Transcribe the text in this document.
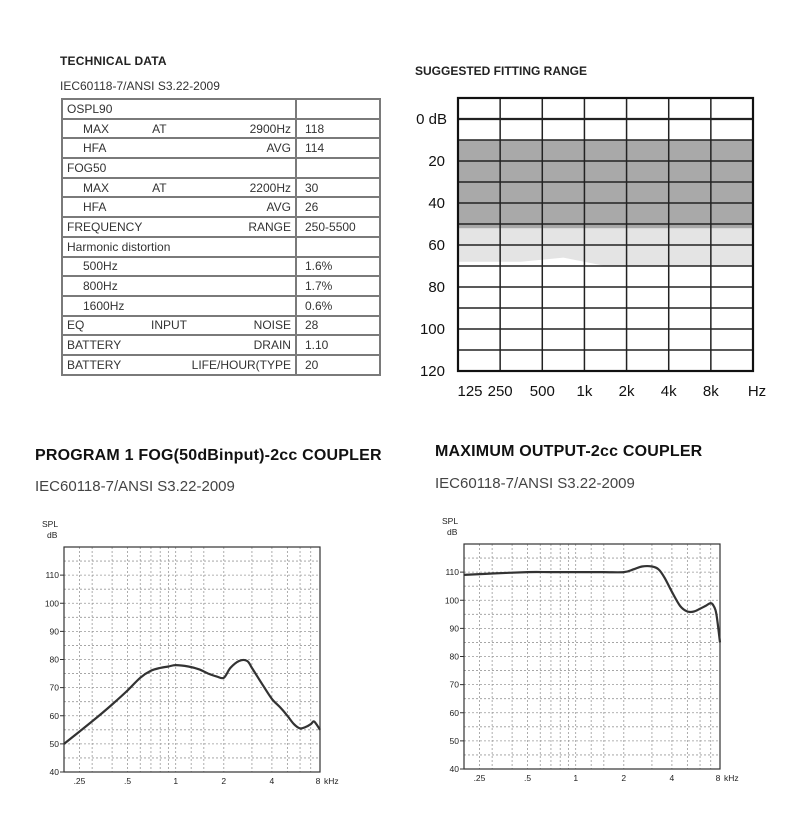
TECHNICAL DATA
IEC60118-7/ANSI S3.22-2009
OSPL90	

MAX AT 2900Hz	118

HFA AVG	114
FOG50	

MAX AT 2200Hz	30

HFA AVG	26

FREQUENCY RANGE	250-5500
Harmonic distortion	

500Hz	1.6%

800Hz	1.7%

1600Hz	0.6%

EQ INPUT NOISE	28

BATTERY DRAIN	1.10

BATTERY LIFE/HOUR(TYPE	20
SUGGESTED FITTING RANGE
0 dB
20
40
60
80
100
120
125 250 500 1k 2k 4k 8k Hz
PROGRAM 1 FOG(50dBinput)-2cc COUPLER
IEC60118-7/ANSI S3.22-2009
40
50
60
70
80
90
100
110
SPL
dB
.25	.5	1	2	4	8 kHz
MAXIMUM OUTPUT-2cc COUPLER
IEC60118-7/ANSI S3.22-2009
40
50
60
70
80
90
100
110
SPL
dB
.25	.5	1	2	4	8 kHz
